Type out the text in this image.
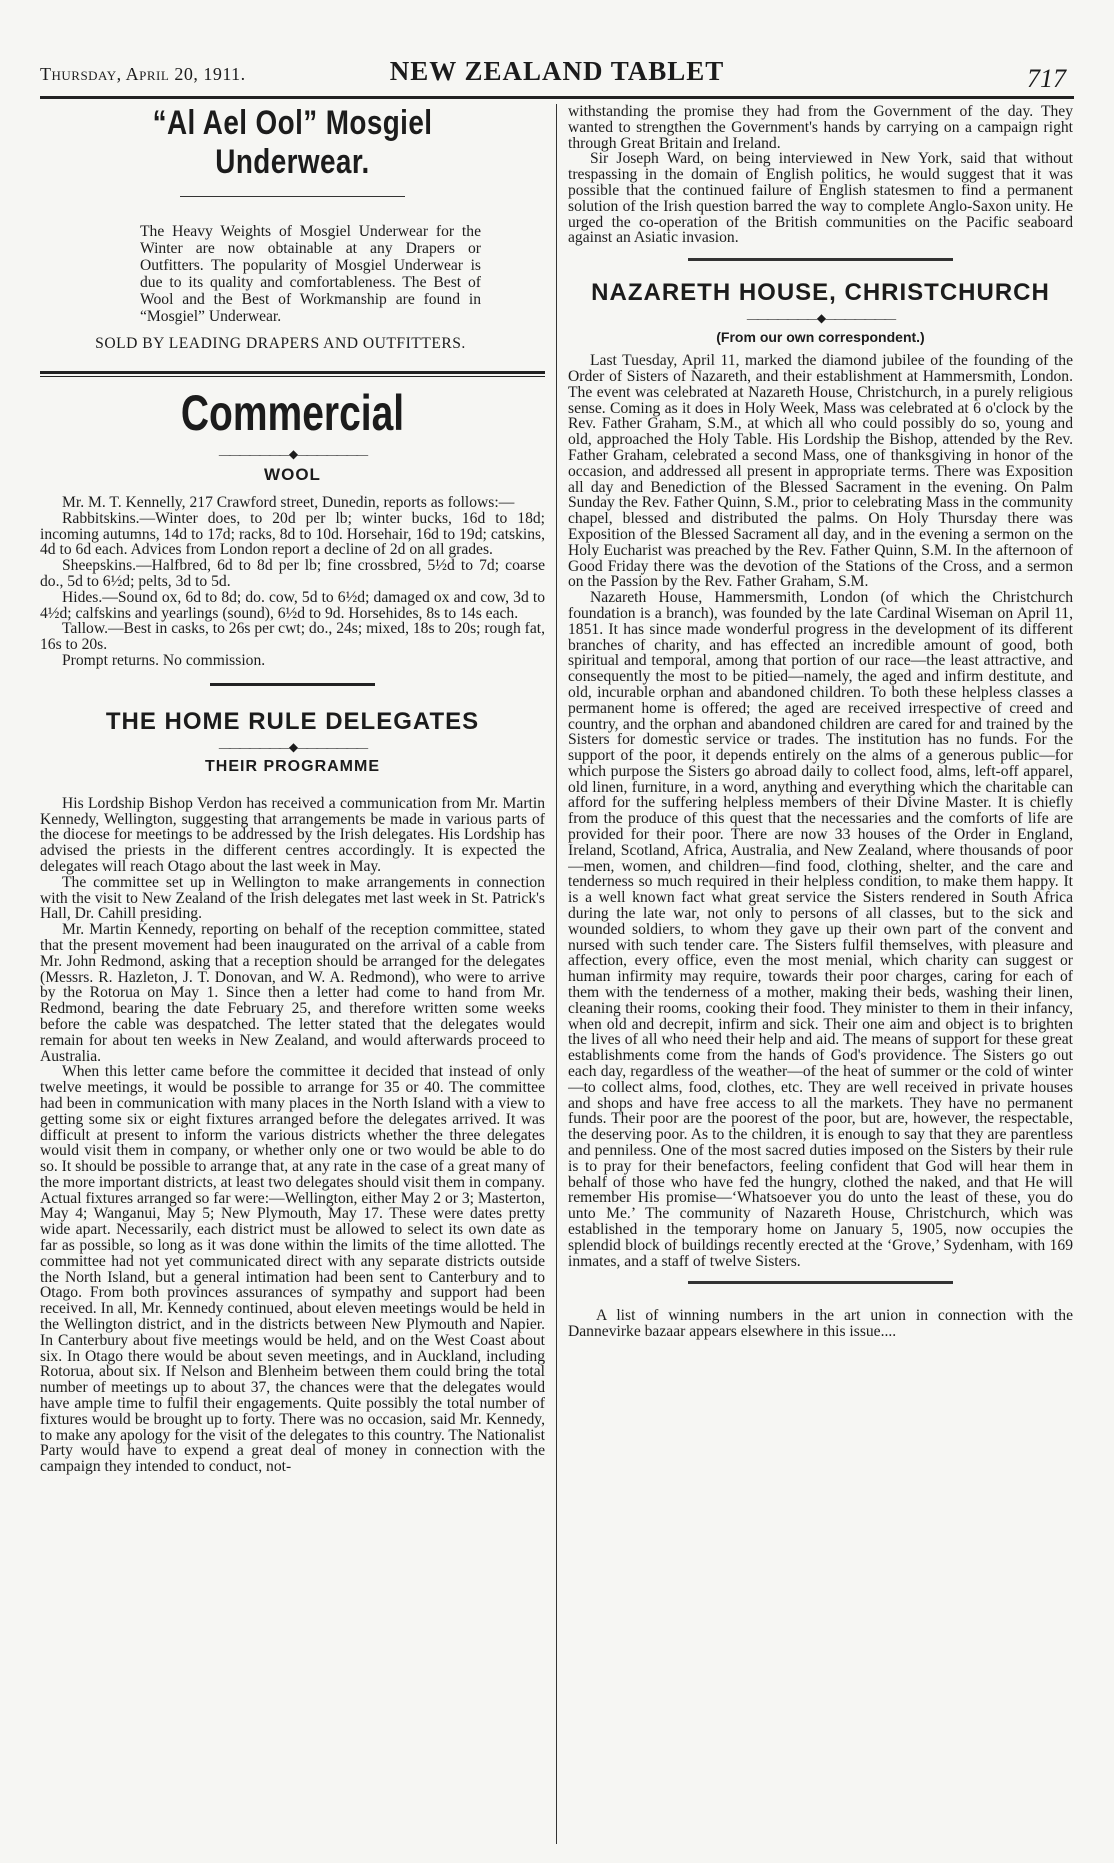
Thursday, April 20, 1911.	NEW ZEALAND TABLET	717
“Al Ael Ool” Mosgiel Underwear.
The Heavy Weights of Mosgiel Underwear for the Winter are now obtainable at any Drapers or Outfitters. The popularity of Mosgiel Underwear is due to its quality and comfortableness. The Best of Wool and the Best of Workmanship are found in “Mosgiel” Underwear.
SOLD BY LEADING DRAPERS AND OUTFITTERS.
Commercial
———————◆———————
WOOL

Mr. M. T. Kennelly, 217 Crawford street, Dunedin, reports as follows:—

Rabbitskins.—Winter does, to 20d per lb; winter bucks, 16d to 18d; incoming autumns, 14d to 17d; racks, 8d to 10d. Horsehair, 16d to 19d; catskins, 4d to 6d each. Advices from London report a decline of 2d on all grades.

Sheepskins.—Halfbred, 6d to 8d per lb; fine crossbred, 5½d to 7d; coarse do., 5d to 6½d; pelts, 3d to 5d.

Hides.—Sound ox, 6d to 8d; do. cow, 5d to 6½d; damaged ox and cow, 3d to 4½d; calfskins and yearlings (sound), 6½d to 9d. Horsehides, 8s to 14s each.

Tallow.—Best in casks, to 26s per cwt; do., 24s; mixed, 18s to 20s; rough fat, 16s to 20s.

Prompt returns. No commission.

THE HOME RULE DELEGATES
———————◆———————
THEIR PROGRAMME

His Lordship Bishop Verdon has received a communication from Mr. Martin Kennedy, Wellington, suggesting that arrangements be made in various parts of the diocese for meetings to be addressed by the Irish delegates. His Lordship has advised the priests in the different centres accordingly. It is expected the delegates will reach Otago about the last week in May.

The committee set up in Wellington to make arrangements in connection with the visit to New Zealand of the Irish delegates met last week in St. Patrick's Hall, Dr. Cahill presiding.

Mr. Martin Kennedy, reporting on behalf of the reception committee, stated that the present movement had been inaugurated on the arrival of a cable from Mr. John Redmond, asking that a reception should be arranged for the delegates (Messrs. R. Hazleton, J. T. Donovan, and W. A. Redmond), who were to arrive by the Rotorua on May 1. Since then a letter had come to hand from Mr. Redmond, bearing the date February 25, and therefore written some weeks before the cable was despatched. The letter stated that the delegates would remain for about ten weeks in New Zealand, and would afterwards proceed to Australia.

When this letter came before the committee it decided that instead of only twelve meetings, it would be possible to arrange for 35 or 40. The committee had been in communication with many places in the North Island with a view to getting some six or eight fixtures arranged before the delegates arrived. It was difficult at present to inform the various districts whether the three delegates would visit them in company, or whether only one or two would be able to do so. It should be possible to arrange that, at any rate in the case of a great many of the more important districts, at least two delegates should visit them in company. Actual fixtures arranged so far were:—Wellington, either May 2 or 3; Masterton, May 4; Wanganui, May 5; New Plymouth, May 17. These were dates pretty wide apart. Necessarily, each district must be allowed to select its own date as far as possible, so long as it was done within the limits of the time allotted. The committee had not yet communicated direct with any separate districts outside the North Island, but a general intimation had been sent to Canterbury and to Otago. From both provinces assurances of sympathy and support had been received. In all, Mr. Kennedy continued, about eleven meetings would be held in the Wellington district, and in the districts between New Plymouth and Napier. In Canterbury about five meetings would be held, and on the West Coast about six. In Otago there would be about seven meetings, and in Auckland, including Rotorua, about six. If Nelson and Blenheim between them could bring the total number of meetings up to about 37, the chances were that the delegates would have ample time to fulfil their engagements. Quite possibly the total number of fixtures would be brought up to forty. There was no occasion, said Mr. Kennedy, to make any apology for the visit of the delegates to this country. The Nationalist Party would have to expend a great deal of money in connection with the campaign they intended to conduct, not-

withstanding the promise they had from the Government of the day. They wanted to strengthen the Government's hands by carrying on a campaign right through Great Britain and Ireland.

Sir Joseph Ward, on being interviewed in New York, said that without trespassing in the domain of English politics, he would suggest that it was possible that the continued failure of English statesmen to find a permanent solution of the Irish question barred the way to complete Anglo-Saxon unity. He urged the co-operation of the British communities on the Pacific seaboard against an Asiatic invasion.

NAZARETH HOUSE, CHRISTCHURCH
———————◆———————
(From our own correspondent.)

Last Tuesday, April 11, marked the diamond jubilee of the founding of the Order of Sisters of Nazareth, and their establishment at Hammersmith, London. The event was celebrated at Nazareth House, Christchurch, in a purely religious sense. Coming as it does in Holy Week, Mass was celebrated at 6 o'clock by the Rev. Father Graham, S.M., at which all who could possibly do so, young and old, approached the Holy Table. His Lordship the Bishop, attended by the Rev. Father Graham, celebrated a second Mass, one of thanksgiving in honor of the occasion, and addressed all present in appropriate terms. There was Exposition all day and Benediction of the Blessed Sacrament in the evening. On Palm Sunday the Rev. Father Quinn, S.M., prior to celebrating Mass in the community chapel, blessed and distributed the palms. On Holy Thursday there was Exposition of the Blessed Sacrament all day, and in the evening a sermon on the Holy Eucharist was preached by the Rev. Father Quinn, S.M. In the afternoon of Good Friday there was the devotion of the Stations of the Cross, and a sermon on the Passion by the Rev. Father Graham, S.M.

Nazareth House, Hammersmith, London (of which the Christchurch foundation is a branch), was founded by the late Cardinal Wiseman on April 11, 1851. It has since made wonderful progress in the development of its different branches of charity, and has effected an incredible amount of good, both spiritual and temporal, among that portion of our race—the least attractive, and consequently the most to be pitied—namely, the aged and infirm destitute, and old, incurable orphan and abandoned children. To both these helpless classes a permanent home is offered; the aged are received irrespective of creed and country, and the orphan and abandoned children are cared for and trained by the Sisters for domestic service or trades. The institution has no funds. For the support of the poor, it depends entirely on the alms of a generous public—for which purpose the Sisters go abroad daily to collect food, alms, left-off apparel, old linen, furniture, in a word, anything and everything which the charitable can afford for the suffering helpless members of their Divine Master. It is chiefly from the produce of this quest that the necessaries and the comforts of life are provided for their poor. There are now 33 houses of the Order in England, Ireland, Scotland, Africa, Australia, and New Zealand, where thousands of poor—men, women, and children—find food, clothing, shelter, and the care and tenderness so much required in their helpless condition, to make them happy. It is a well known fact what great service the Sisters rendered in South Africa during the late war, not only to persons of all classes, but to the sick and wounded soldiers, to whom they gave up their own part of the convent and nursed with such tender care. The Sisters fulfil themselves, with pleasure and affection, every office, even the most menial, which charity can suggest or human infirmity may require, towards their poor charges, caring for each of them with the tenderness of a mother, making their beds, washing their linen, cleaning their rooms, cooking their food. They minister to them in their infancy, when old and decrepit, infirm and sick. Their one aim and object is to brighten the lives of all who need their help and aid. The means of support for these great establishments come from the hands of God's providence. The Sisters go out each day, regardless of the weather—of the heat of summer or the cold of winter—to collect alms, food, clothes, etc. They are well received in private houses and shops and have free access to all the markets. They have no permanent funds. Their poor are the poorest of the poor, but are, however, the respectable, the deserving poor. As to the children, it is enough to say that they are parentless and penniless. One of the most sacred duties imposed on the Sisters by their rule is to pray for their benefactors, feeling confident that God will hear them in behalf of those who have fed the hungry, clothed the naked, and that He will remember His promise—‘Whatsoever you do unto the least of these, you do unto Me.’ The community of Nazareth House, Christchurch, which was established in the temporary home on January 5, 1905, now occupies the splendid block of buildings recently erected at the ‘Grove,’ Sydenham, with 169 inmates, and a staff of twelve Sisters.

A list of winning numbers in the art union in connection with the Dannevirke bazaar appears elsewhere in this issue....
